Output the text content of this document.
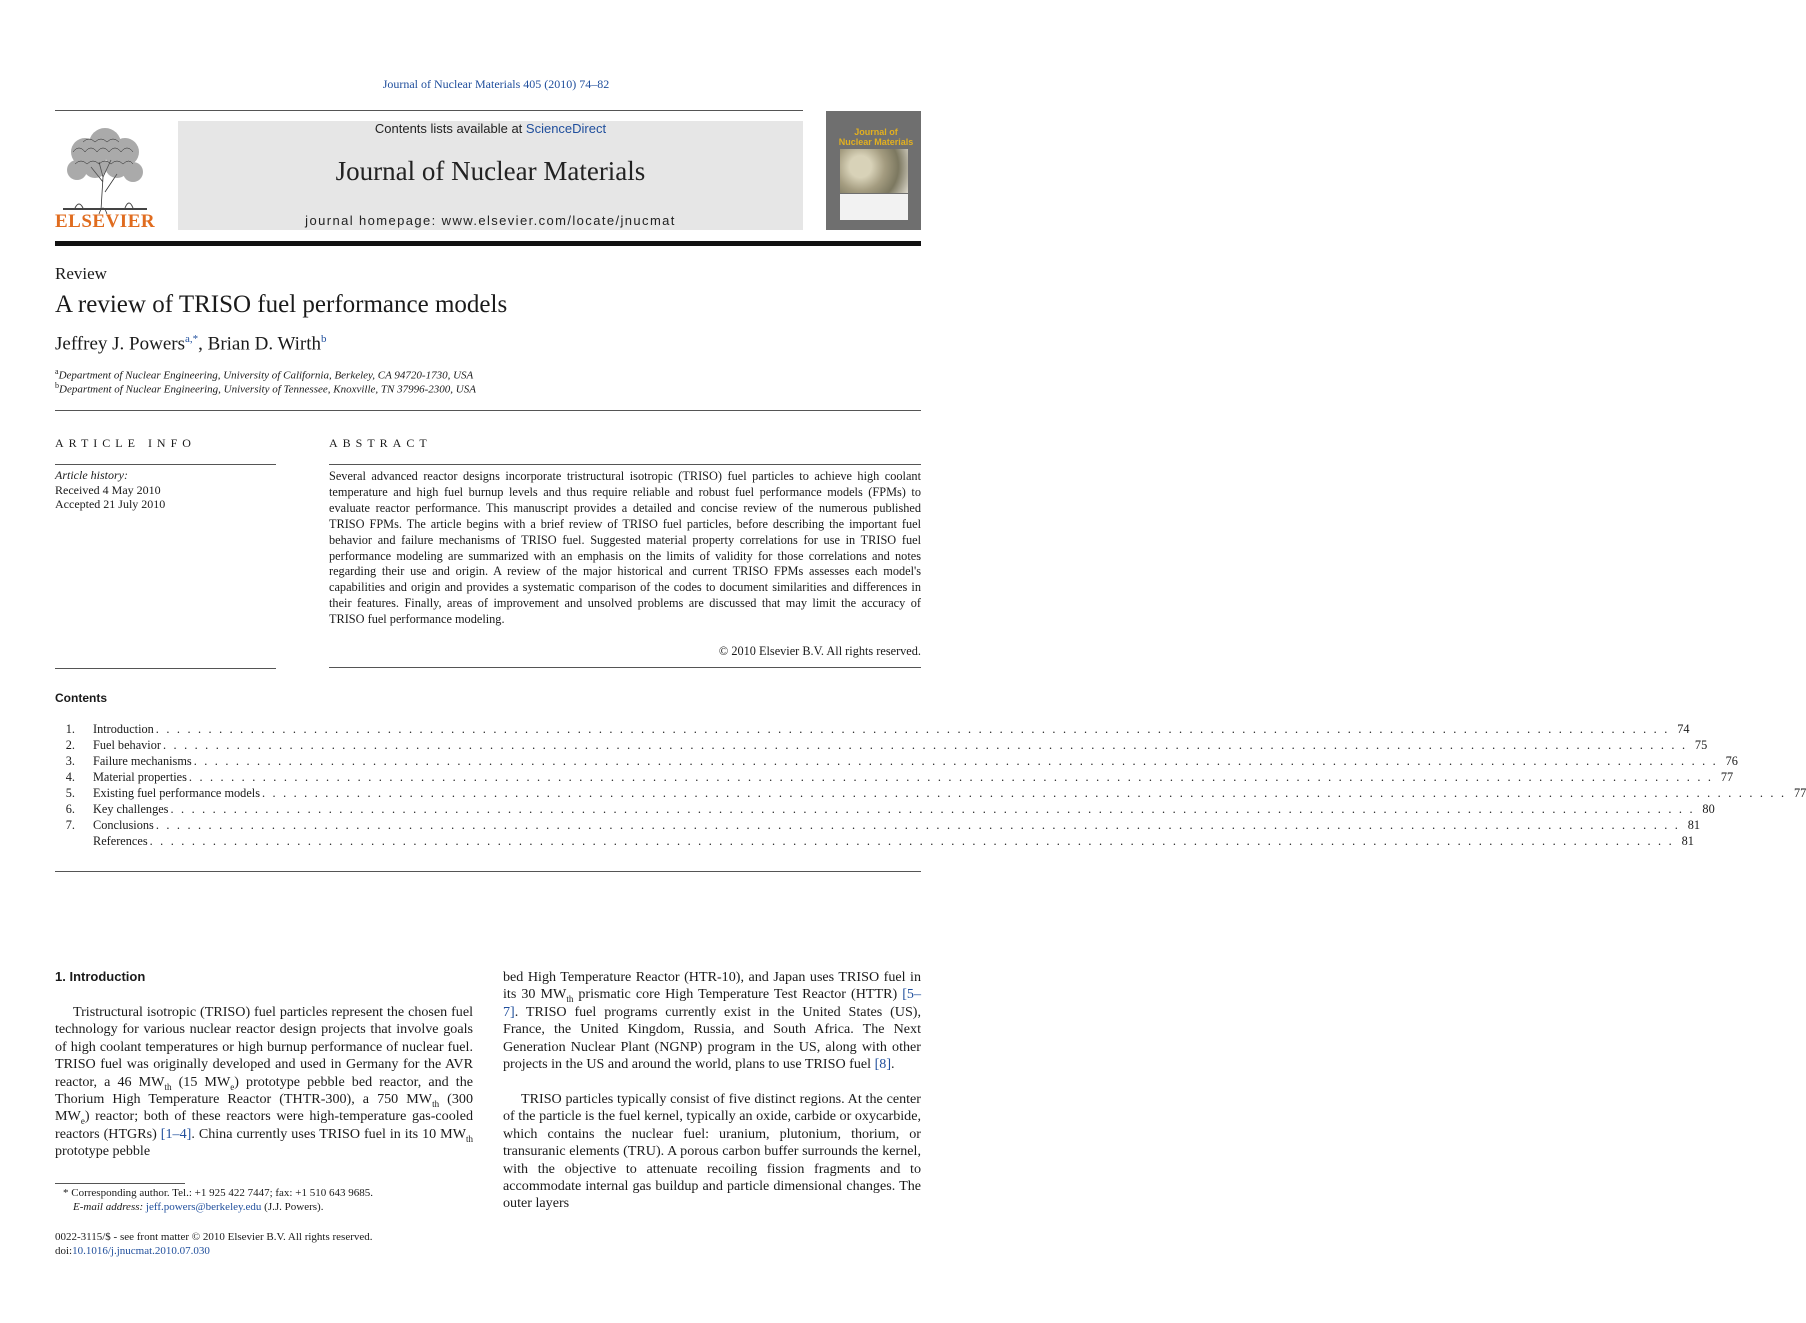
Journal of Nuclear Materials 405 (2010) 74–82
ELSEVIER
Contents lists available at ScienceDirect
Journal of Nuclear Materials
journal homepage: www.elsevier.com/locate/jnucmat
Journal of
Nuclear Materials
Review
A review of TRISO fuel performance models
Jeffrey J. Powers$^{a,*}$, Brian D. Wirth$^b$
$^a$Department of Nuclear Engineering, University of California, Berkeley, CA 94720-1730, USA
$^b$Department of Nuclear Engineering, University of Tennessee, Knoxville, TN 37996-2300, USA
ARTICLE INFO
Article history:
Received 4 May 2010
Accepted 21 July 2010
ABSTRACT
Several advanced reactor designs incorporate tristructural isotropic (TRISO) fuel particles to achieve high coolant temperature and high fuel burnup levels and thus require reliable and robust fuel performance models (FPMs) to evaluate reactor performance. This manuscript provides a detailed and concise review of the numerous published TRISO FPMs. The article begins with a brief review of TRISO fuel particles, before describing the important fuel behavior and failure mechanisms of TRISO fuel. Suggested material property correlations for use in TRISO fuel performance modeling are summarized with an emphasis on the limits of validity for those correlations and notes regarding their use and origin. A review of the major historical and current TRISO FPMs assesses each model's capabilities and origin and provides a systematic comparison of the codes to document similarities and differences in their features. Finally, areas of improvement and unsolved problems are discussed that may limit the accuracy of TRISO fuel performance modeling.
© 2010 Elsevier B.V. All rights reserved.
Contents
1. Introduction . . . . . . . . . . . . . . . . . . . . . . . . . . . . . . . . . . . . . . . . . . . . . . . . . . . . . . . . . . . . . . . . . . . . . . . . . . . . . . . . . . . . . . . . . . . . . . . . . . . . . . . . . . . . . . . . . . . . . . . . . . . . . . . . . . . . . . . . . . . . . . . . 74
2. Fuel behavior . . . . . . . . . . . . . . . . . . . . . . . . . . . . . . . . . . . . . . . . . . . . . . . . . . . . . . . . . . . . . . . . . . . . . . . . . . . . . . . . . . . . . . . . . . . . . . . . . . . . . . . . . . . . . . . . . . . . . . . . . . . . . . . . . . . . . . . . . . . . . . . . . 75
3. Failure mechanisms . . . . . . . . . . . . . . . . . . . . . . . . . . . . . . . . . . . . . . . . . . . . . . . . . . . . . . . . . . . . . . . . . . . . . . . . . . . . . . . . . . . . . . . . . . . . . . . . . . . . . . . . . . . . . . . . . . . . . . . . . . . . . . . . . . . . . . . . . . . . . . . . . 76
4. Material properties . . . . . . . . . . . . . . . . . . . . . . . . . . . . . . . . . . . . . . . . . . . . . . . . . . . . . . . . . . . . . . . . . . . . . . . . . . . . . . . . . . . . . . . . . . . . . . . . . . . . . . . . . . . . . . . . . . . . . . . . . . . . . . . . . . . . . . . . . . . . . . . . . 77
5. Existing fuel performance models . . . . . . . . . . . . . . . . . . . . . . . . . . . . . . . . . . . . . . . . . . . . . . . . . . . . . . . . . . . . . . . . . . . . . . . . . . . . . . . . . . . . . . . . . . . . . . . . . . . . . . . . . . . . . . . . . . . . . . . . . . . . . . . . . . . . . . . . . . . . . . . . . 77
6. Key challenges . . . . . . . . . . . . . . . . . . . . . . . . . . . . . . . . . . . . . . . . . . . . . . . . . . . . . . . . . . . . . . . . . . . . . . . . . . . . . . . . . . . . . . . . . . . . . . . . . . . . . . . . . . . . . . . . . . . . . . . . . . . . . . . . . . . . . . . . . . . . . . . . . 80
7. Conclusions . . . . . . . . . . . . . . . . . . . . . . . . . . . . . . . . . . . . . . . . . . . . . . . . . . . . . . . . . . . . . . . . . . . . . . . . . . . . . . . . . . . . . . . . . . . . . . . . . . . . . . . . . . . . . . . . . . . . . . . . . . . . . . . . . . . . . . . . . . . . . . . . . 81
References . . . . . . . . . . . . . . . . . . . . . . . . . . . . . . . . . . . . . . . . . . . . . . . . . . . . . . . . . . . . . . . . . . . . . . . . . . . . . . . . . . . . . . . . . . . . . . . . . . . . . . . . . . . . . . . . . . . . . . . . . . . . . . . . . . . . . . . . . . . . . . . . . 81
1. Introduction
Tristructural isotropic (TRISO) fuel particles represent the chosen fuel technology for various nuclear reactor design projects that involve goals of high coolant temperatures or high burnup performance of nuclear fuel. TRISO fuel was originally developed and used in Germany for the AVR reactor, a 46 $MW_{th}$ (15 $MW_e$) prototype pebble bed reactor, and the Thorium High Temperature Reactor (THTR-300), a 750 $MW_{th}$ (300 $MW_e$) reactor; both of these reactors were high-temperature gas-cooled reactors (HTGRs) [1–4]. China currently uses TRISO fuel in its 10 $MW_{th}$ prototype pebble
bed High Temperature Reactor (HTR-10), and Japan uses TRISO fuel in its 30 $MW_{th}$ prismatic core High Temperature Test Reactor (HTTR) [5–7]. TRISO fuel programs currently exist in the United States (US), France, the United Kingdom, Russia, and South Africa. The Next Generation Nuclear Plant (NGNP) program in the US, along with other projects in the US and around the world, plans to use TRISO fuel [8].
TRISO particles typically consist of five distinct regions. At the center of the particle is the fuel kernel, typically an oxide, carbide or oxycarbide, which contains the nuclear fuel: uranium, plutonium, thorium, or transuranic elements (TRU). A porous carbon buffer surrounds the kernel, with the objective to attenuate recoiling fission fragments and to accommodate internal gas buildup and particle dimensional changes. The outer layers
* Corresponding author. Tel.: +1 925 422 7447; fax: +1 510 643 9685.
E-mail address: jeff.powers@berkeley.edu (J.J. Powers).
0022-3115/$ - see front matter © 2010 Elsevier B.V. All rights reserved.
doi:10.1016/j.jnucmat.2010.07.030
